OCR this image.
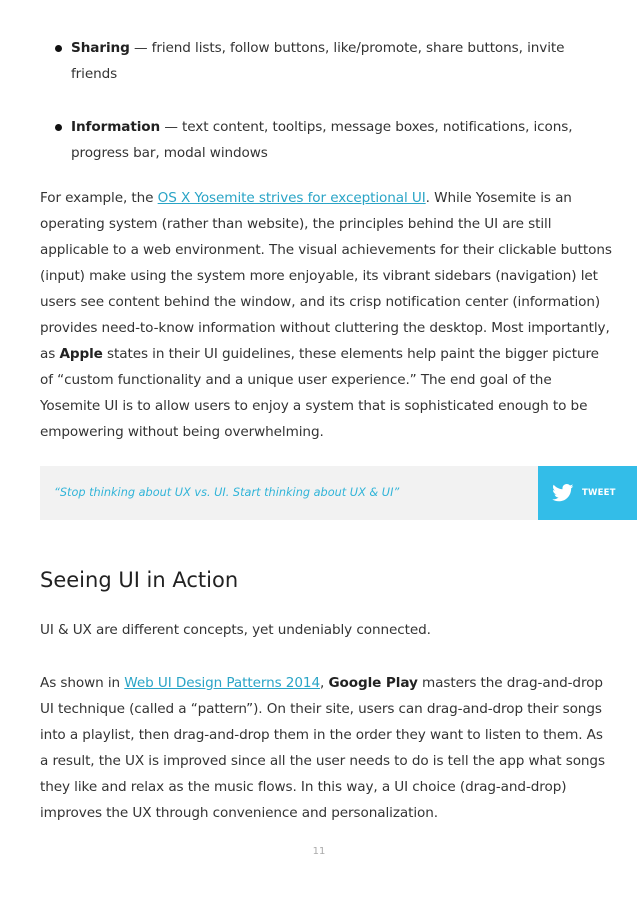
Sharing — friend lists, follow buttons, like/promote, share buttons, invite friends
Information — text content, tooltips, message boxes, notifications, icons, progress bar, modal windows

For example, the OS X Yosemite strives for exceptional UI. While Yosemite is an operating system (rather than website), the principles behind the UI are still applicable to a web environment. The visual achievements for their clickable buttons (input) make using the system more enjoyable, its vibrant sidebars (navigation) let users see content behind the window, and its crisp notification center (information) provides need-to-know information without cluttering the desktop. Most importantly, as Apple states in their UI guidelines, these elements help paint the bigger picture of “custom functionality and a unique user experience.” The end goal of the Yosemite UI is to allow users to enjoy a system that is sophisticated enough to be empowering without being overwhelming.

“Stop thinking about UX vs. UI. Start thinking about UX & UI”	TWEET THIS
Seeing UI in Action

UI & UX are different concepts, yet undeniably connected.

As shown in Web UI Design Patterns 2014, Google Play masters the drag-and-drop UI technique (called a “pattern”). On their site, users can drag-and-drop their songs into a playlist, then drag-and-drop them in the order they want to listen to them. As a result, the UX is improved since all the user needs to do is tell the app what songs they like and relax as the music flows. In this way, a UI choice (drag-and-drop) improves the UX through convenience and personalization.

11
